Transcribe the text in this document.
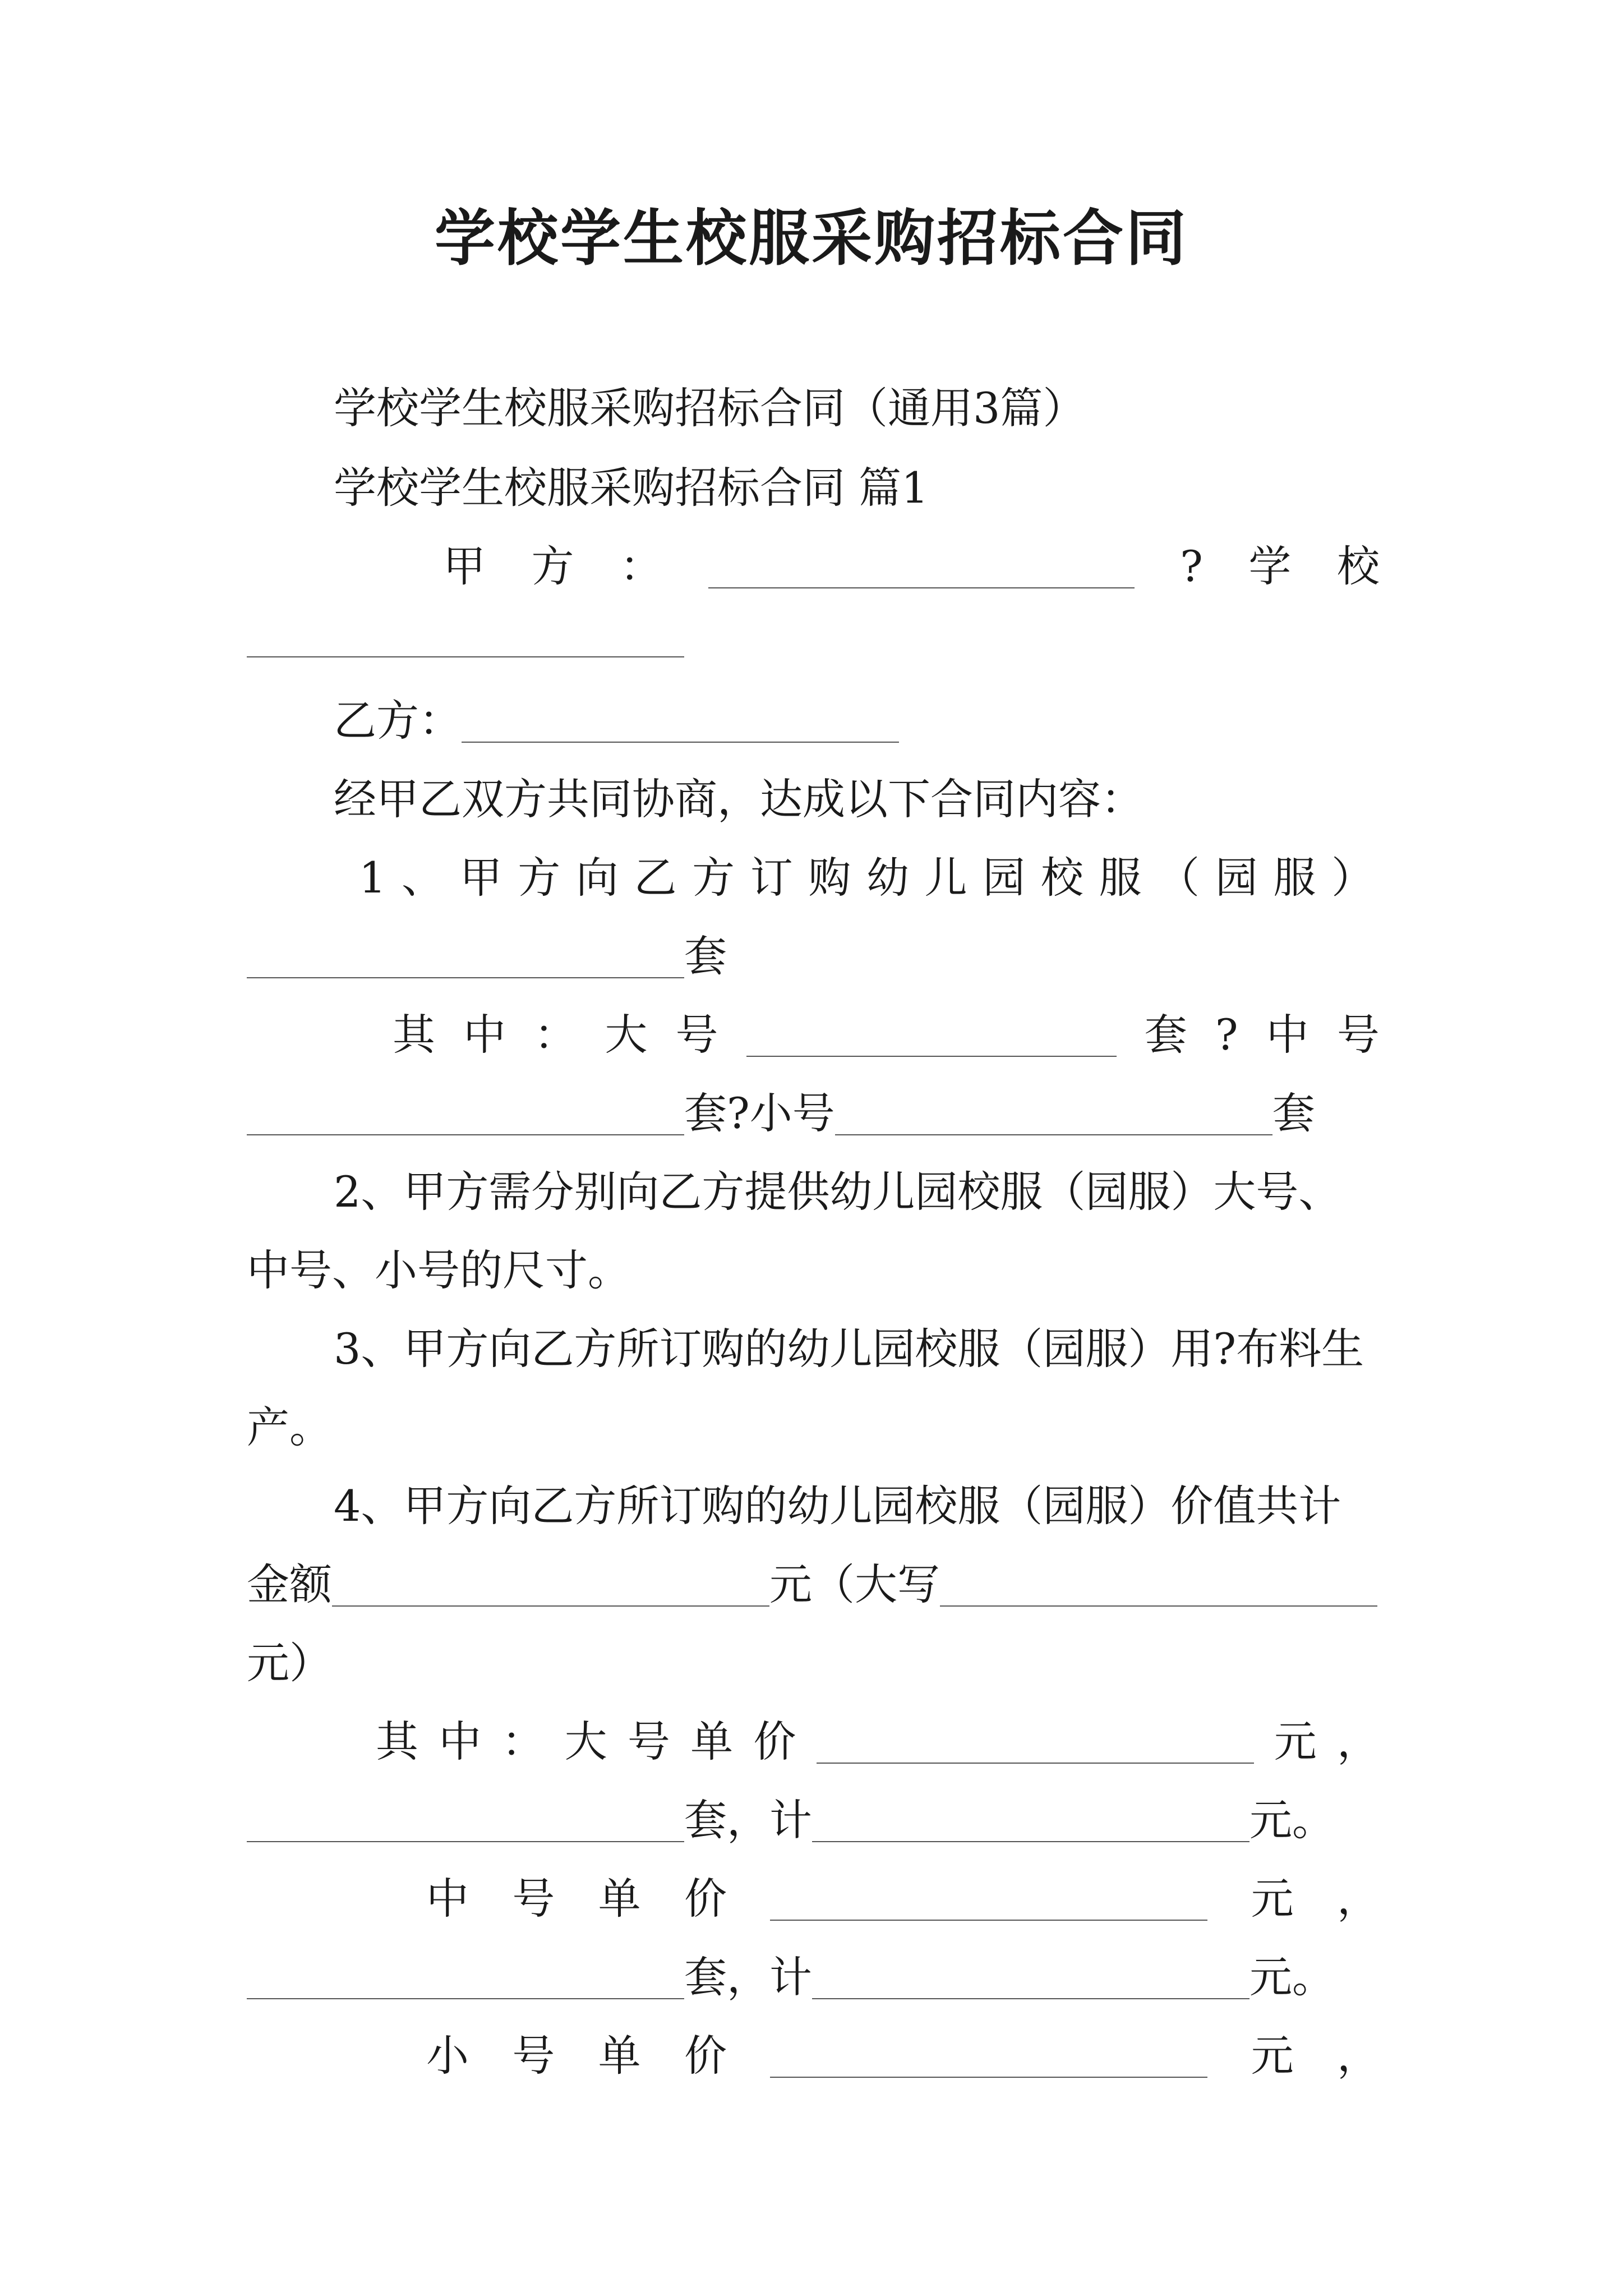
学校学生校服采购招标合同
学校学生校服采购招标合同（通用3篇）
学校学生校服采购招标合同 篇1
甲 方 ：	? 学 校
乙方：
经甲乙双方共同协商，达成以下合同内容：
1 、 甲 方 向 乙 方 订 购 幼 儿 园 校 服 （ 园 服 ）
套
其 中 ： 大 号	套 ? 中 号
套?小号	套
2、甲方需分别向乙方提供幼儿园校服（园服）大号、
中号、小号的尺寸。
3、甲方向乙方所订购的幼儿园校服（园服）用?布料生
产。
4、甲方向乙方所订购的幼儿园校服（园服）价值共计
金额	元（大写
元）
其 中 ： 大 号 单 价	元 ，
套，计	元。
中 号 单 价	元 ，
套，计	元。
小 号 单 价	元 ，
